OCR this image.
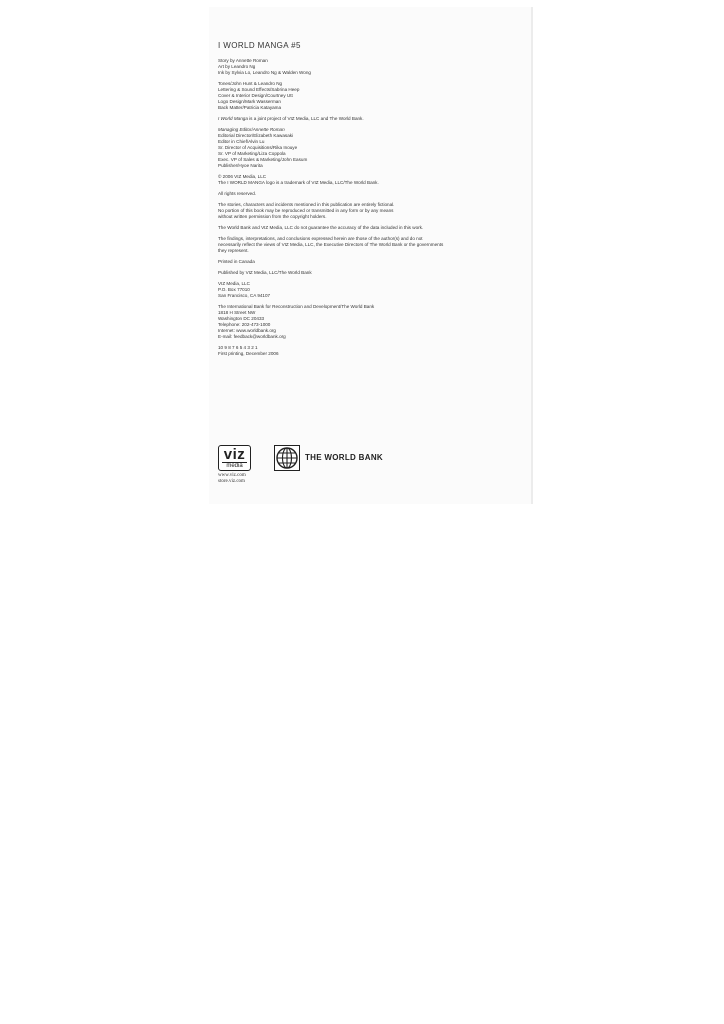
I WORLD MANGA #5
Story by Annette Roman
Art by Leandro Ng
Ink by Sylvia Lo, Leandro Ng & Walden Wong
Tones/John Hunt & Leandro Ng
Lettering & Sound Effects/Sabrina Heep
Cover & Interior Design/Courtney Utt
Logo Design/Mark Wasserman
Back Matter/Patricia Katayama
I World Manga is a joint project of VIZ Media, LLC and The World Bank.
Managing Editor/Annette Roman
Editorial Director/Elizabeth Kawasaki
Editor in Chief/Alvin Lu
Sr. Director of Acquisitions/Rika Inouye
Sr. VP of Marketing/Liza Coppola
Exec. VP of Sales & Marketing/John Easum
Publisher/Hyoe Narita
© 2006 VIZ Media, LLC
The I WORLD MANGA logo is a trademark of VIZ Media, LLC/The World Bank.
All rights reserved.
The stories, characters and incidents mentioned in this publication are entirely fictional.
No portion of this book may be reproduced or transmitted in any form or by any means
without written permission from the copyright holders.
The World Bank and VIZ Media, LLC do not guarantee the accuracy of the data included in this work.
The findings, interpretations, and conclusions expressed herein are those of the author(s) and do not
necessarily reflect the views of VIZ Media, LLC, the Executive Directors of The World Bank or the governments
they represent.
Printed in Canada
Published by VIZ Media, LLC/The World Bank
VIZ Media, LLC
P.O. Box 77010
San Francisco, CA 94107
The International Bank for Reconstruction and Development/The World Bank
1818 H Street NW
Washington DC 20433
Telephone: 202-473-1000
Internet: www.worldbank.org
E-mail: feedback@worldbank.org
10 9 8 7 6 5 4 3 2 1
First printing, December 2006
viz
media
THE WORLD BANK
www.viz.com
store.viz.com
